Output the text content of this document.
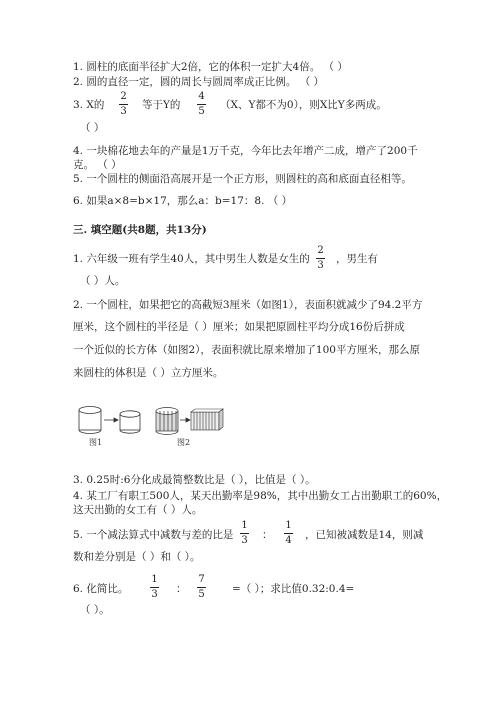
1. 圆柱的底面半径扩大2倍，它的体积一定扩大4倍。 （ ）
2. 圆的直径一定，圆的周长与圆周率成正比例。 （ ）
3. X的
2
3
等于Y的
4
5
（X、Y都不为0），则X比Y多两成。
（ ）
4. 一块棉花地去年的产量是1万千克，今年比去年增产二成，增产了200千
克。 （ ）
5. 一个圆柱的侧面沿高展开是一个正方形，则圆柱的高和底面直径相等。
6. 如果a×8=b×17，那么a：b=17：8. （ ）
三. 填空题(共8题，共13分)
1. 六年级一班有学生40人，其中男生人数是女生的
2
3
，男生有
（ ）人。
2. 一个圆柱，如果把它的高截短3厘米（如图1），表面积就减少了94.2平方
厘米，这个圆柱的半径是（ ）厘米；如果把原圆柱平均分成16份后拼成
一个近似的长方体（如图2），表面积就比原来增加了100平方厘米，那么原
来圆柱的体积是（ ）立方厘米。
图1	图2
3. 0.25时:6分化成最简整数比是（ ），比值是（ ）。
4. 某工厂有职工500人，某天出勤率是98%，其中出勤女工占出勤职工的60%，
这天出勤的女工有（ ）人。
5. 一个减法算式中减数与差的比是
1
3 ：
1
4 ，已知被减数是14，则减
数和差分别是（ ）和（ ）。
6. 化简比。
1
3 ：
7
5	=（ ）；求比值0.32:0.4=
（ ）。
